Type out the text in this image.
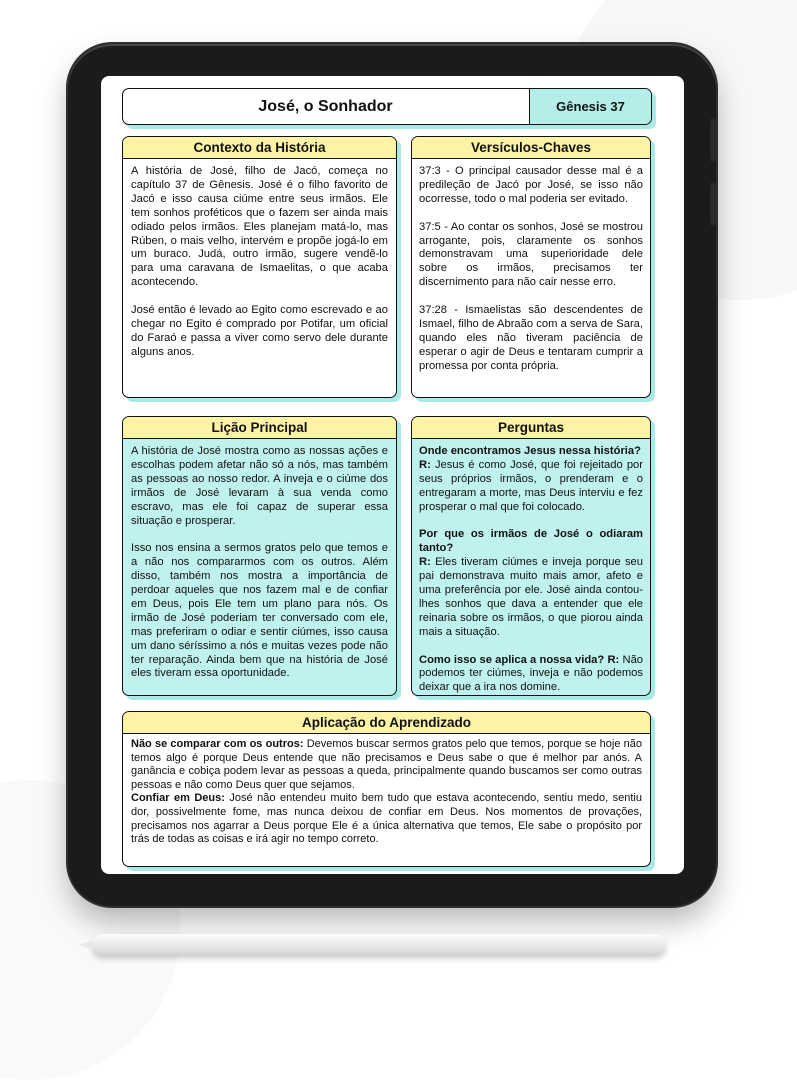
José, o Sonhador	Gênesis 37
Contexto da História

A história de José, filho de Jacó, começa no capítulo 37 de Gênesis. José é o filho favorito de Jacó e isso causa ciúme entre seus irmãos. Ele tem sonhos proféticos que o fazem ser ainda mais odiado pelos irmãos. Eles planejam matá-lo, mas Rúben, o mais velho, intervém e propõe jogá-lo em um buraco. Judá, outro irmão, sugere vendê-lo para uma caravana de Ismaelitas, o que acaba acontecendo.

José então é levado ao Egito como escrevado e ao chegar no Egito é comprado por Potifar, um oficial do Faraó e passa a viver como servo dele durante alguns anos.

Versículos-Chaves

37:3 - O principal causador desse mal é a predileção de Jacó por José, se isso não ocorresse, todo o mal poderia ser evitado.

37:5 - Ao contar os sonhos, José se mostrou arrogante, pois, claramente os sonhos demonstravam uma superioridade dele sobre os irmãos, precisamos ter discernimento para não cair nesse erro.

37:28 - Ismaelistas são descendentes de Ismael, filho de Abraão com a serva de Sara, quando eles não tiveram paciência de esperar o agir de Deus e tentaram cumprir a promessa por conta própria.

Lição Principal

A história de José mostra como as nossas ações e escolhas podem afetar não só a nós, mas também as pessoas ao nosso redor. A inveja e o ciúme dos irmãos de José levaram à sua venda como escravo, mas ele foi capaz de superar essa situação e prosperar.

Isso nos ensina a sermos gratos pelo que temos e a não nos compararmos com os outros. Além disso, também nos mostra a importância de perdoar aqueles que nos fazem mal e de confiar em Deus, pois Ele tem um plano para nós. Os irmão de José poderiam ter conversado com ele, mas preferiram o odiar e sentir ciúmes, isso causa um dano séríssimo a nós e muitas vezes pode não ter reparação. Ainda bem que na história de José eles tiveram essa oportunidade.

Perguntas

Onde encontramos Jesus nessa história?
R: Jesus é como José, que foi rejeitado por seus próprios irmãos, o prenderam e o entregaram a morte, mas Deus interviu e fez prosperar o mal que foi colocado.

Por que os irmãos de José o odiaram tanto?
R: Eles tiveram ciúmes e inveja porque seu pai demonstrava muito mais amor, afeto e uma preferência por ele. José ainda contou-lhes sonhos que dava a entender que ele reinaria sobre os irmãos, o que piorou ainda mais a situação.

Como isso se aplica a nossa vida? R: Não podemos ter ciúmes, inveja e não podemos deixar que a ira nos domine.

Aplicação do Aprendizado

Não se comparar com os outros: Devemos buscar sermos gratos pelo que temos, porque se hoje não temos algo é porque Deus entende que não precisamos e Deus sabe o que é melhor par anós. A ganância e cobiça podem levar as pessoas a queda, principalmente quando buscamos ser como outras pessoas e não como Deus quer que sejamos.

Confiar em Deus: José não entendeu muito bem tudo que estava acontecendo, sentiu medo, sentiu dor, possivelmente fome, mas nunca deixou de confiar em Deus. Nos momentos de provações, precisamos nos agarrar a Deus porque Ele é a única alternativa que temos, Ele sabe o propósito por trás de todas as coisas e irá agir no tempo correto.
